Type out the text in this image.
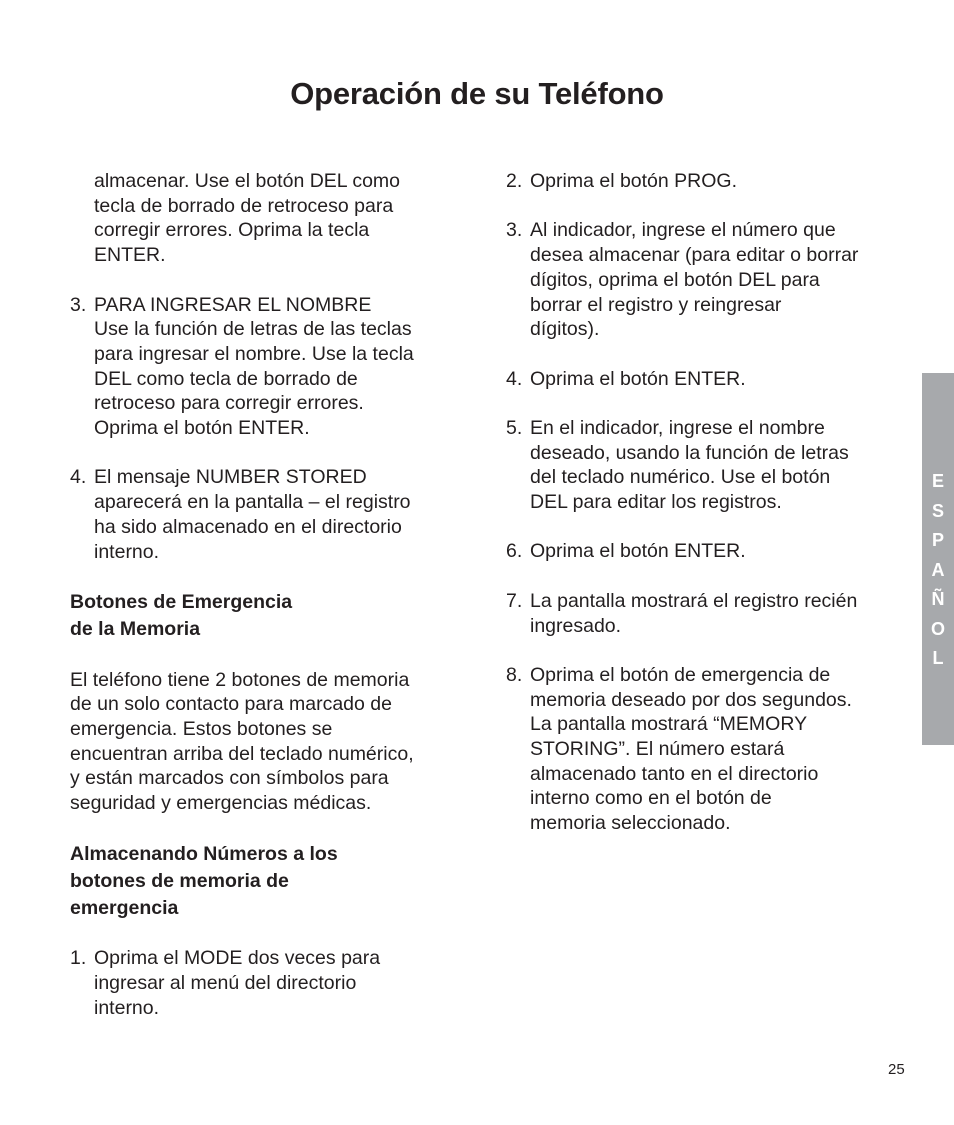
Operación de su Teléfono
almacenar. Use el botón DEL como
tecla de borrado de retroceso para
corregir errores. Oprima la tecla
ENTER.
3. PARA INGRESAR EL NOMBRE
Use la función de letras de las teclas
para ingresar el nombre. Use la tecla
DEL como tecla de borrado de
retroceso para corregir errores.
Oprima el botón ENTER.
4. El mensaje NUMBER STORED
aparecerá en la pantalla – el registro
ha sido almacenado en el directorio
interno.
Botones de Emergencia
de la Memoria
El teléfono tiene 2 botones de memoria
de un solo contacto para marcado de
emergencia. Estos botones se
encuentran arriba del teclado numérico,
y están marcados con símbolos para
seguridad y emergencias médicas.
Almacenando Números a los
botones de memoria de
emergencia
1. Oprima el MODE dos veces para
ingresar al menú del directorio
interno.
2. Oprima el botón PROG.
3. Al indicador, ingrese el número que
desea almacenar (para editar o borrar
dígitos, oprima el botón DEL para
borrar el registro y reingresar
dígitos).
4. Oprima el botón ENTER.
5. En el indicador, ingrese el nombre
deseado, usando la función de letras
del teclado numérico. Use el botón
DEL para editar los registros.
6. Oprima el botón ENTER.
7. La pantalla mostrará el registro recién
ingresado.
8. Oprima el botón de emergencia de
memoria deseado por dos segundos.
La pantalla mostrará “MEMORY
STORING”. El número estará
almacenado tanto en el directorio
interno como en el botón de
memoria seleccionado.
E
S
P
A
Ñ
O
L
25
